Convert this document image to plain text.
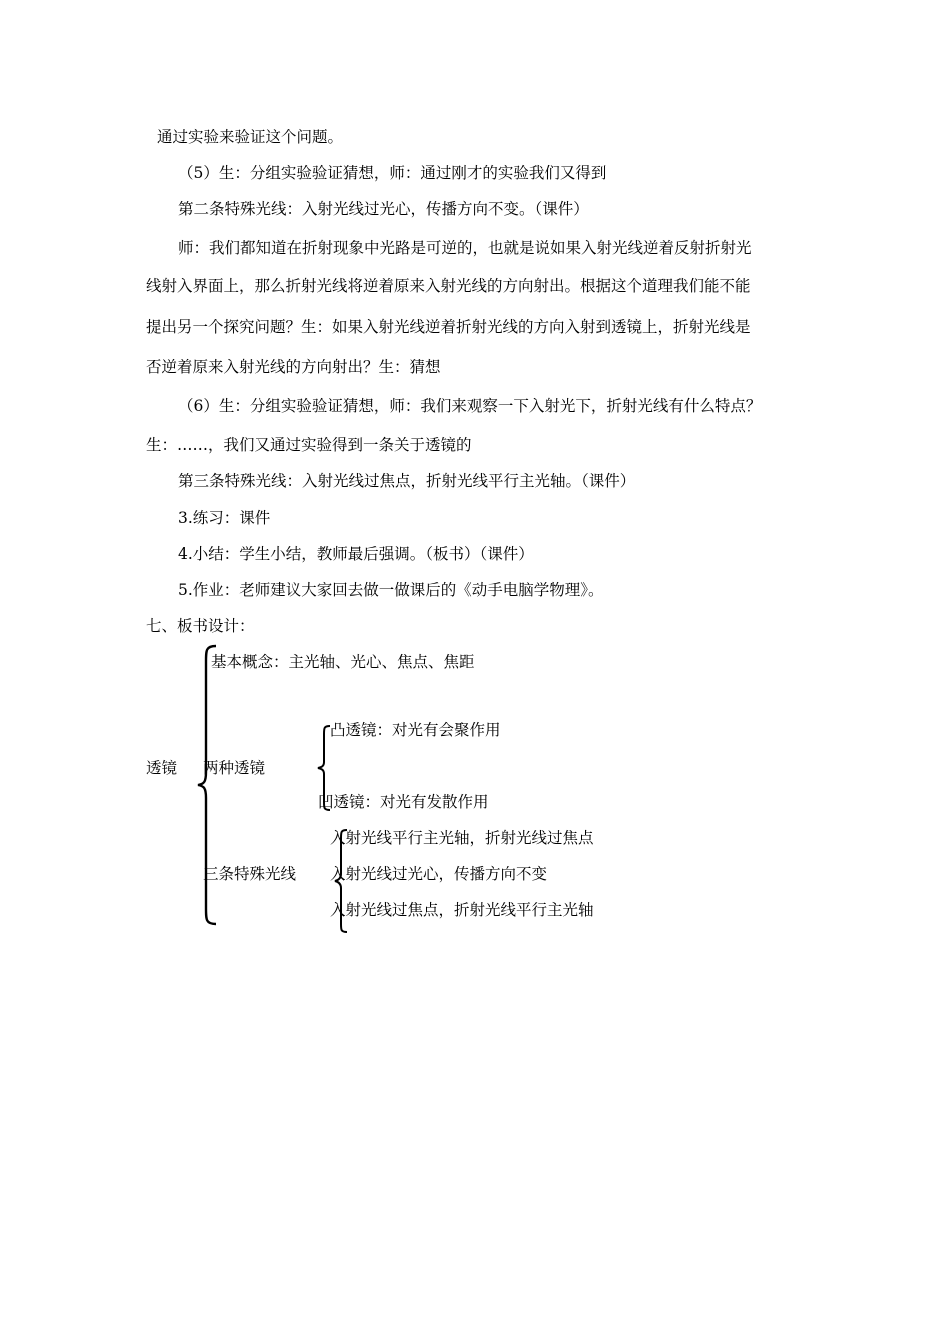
通过实验来验证这个问题。
（5）生：分组实验验证猜想，师：通过刚才的实验我们又得到
第二条特殊光线：入射光线过光心，传播方向不变。（课件）
师：我们都知道在折射现象中光路是可逆的，也就是说如果入射光线逆着反射折射光
线射入界面上，那么折射光线将逆着原来入射光线的方向射出。根据这个道理我们能不能
提出另一个探究问题？生：如果入射光线逆着折射光线的方向入射到透镜上，折射光线是
否逆着原来入射光线的方向射出？生：猜想
（6）生：分组实验验证猜想，师：我们来观察一下入射光下，折射光线有什么特点？
生：……，我们又通过实验得到一条关于透镜的
第三条特殊光线：入射光线过焦点，折射光线平行主光轴。（课件）
3.练习：课件
4.小结：学生小结，教师最后强调。（板书）（课件）
5.作业：老师建议大家回去做一做课后的《动手电脑学物理》。
七、板书设计：
透镜
基本概念：主光轴、光心、焦点、焦距
两种透镜
凸透镜：对光有会聚作用
凹透镜：对光有发散作用
三条特殊光线
入射光线平行主光轴，折射光线过焦点
入射光线过光心，传播方向不变
入射光线过焦点，折射光线平行主光轴
